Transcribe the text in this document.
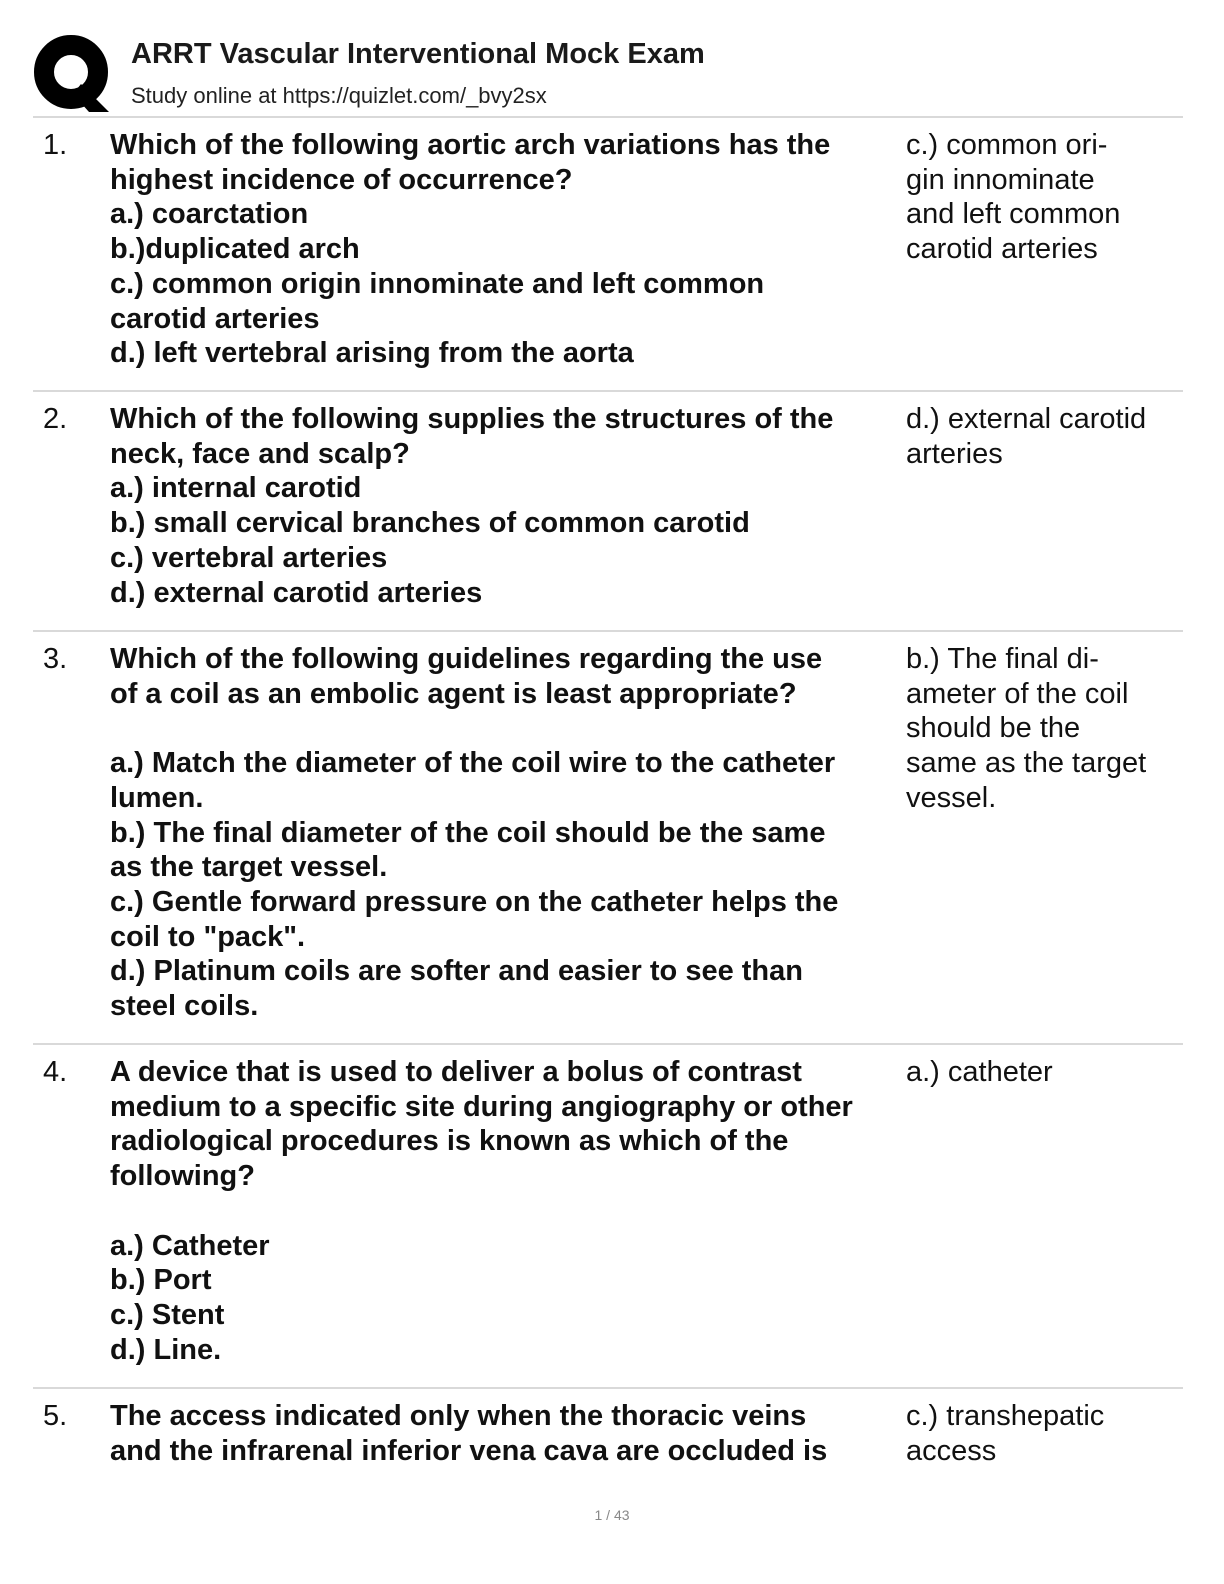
ARRT Vascular Interventional Mock Exam
Study online at https://quizlet.com/_bvy2sx
1. Which of the following aortic arch variations has the
highest incidence of occurrence?
a.) coarctation
b.)duplicated arch
c.) common origin innominate and left common
carotid arteries
d.) left vertebral arising from the aorta
c.) common ori-
gin innominate
and left common
carotid arteries
2. Which of the following supplies the structures of the
neck, face and scalp?
a.) internal carotid
b.) small cervical branches of common carotid
c.) vertebral arteries
d.) external carotid arteries
d.) external carotid
arteries
3. Which of the following guidelines regarding the use
of a coil as an embolic agent is least appropriate?
a.) Match the diameter of the coil wire to the catheter
lumen.
b.) The final diameter of the coil should be the same
as the target vessel.
c.) Gentle forward pressure on the catheter helps the
coil to "pack".
d.) Platinum coils are softer and easier to see than
steel coils.
b.) The final di-
ameter of the coil
should be the
same as the target
vessel.
4. A device that is used to deliver a bolus of contrast
medium to a specific site during angiography or other
radiological procedures is known as which of the
following?
a.) Catheter
b.) Port
c.) Stent
d.) Line.
a.) catheter
5. The access indicated only when the thoracic veins
and the infrarenal inferior vena cava are occluded is
c.) transhepatic
access
1 / 43
